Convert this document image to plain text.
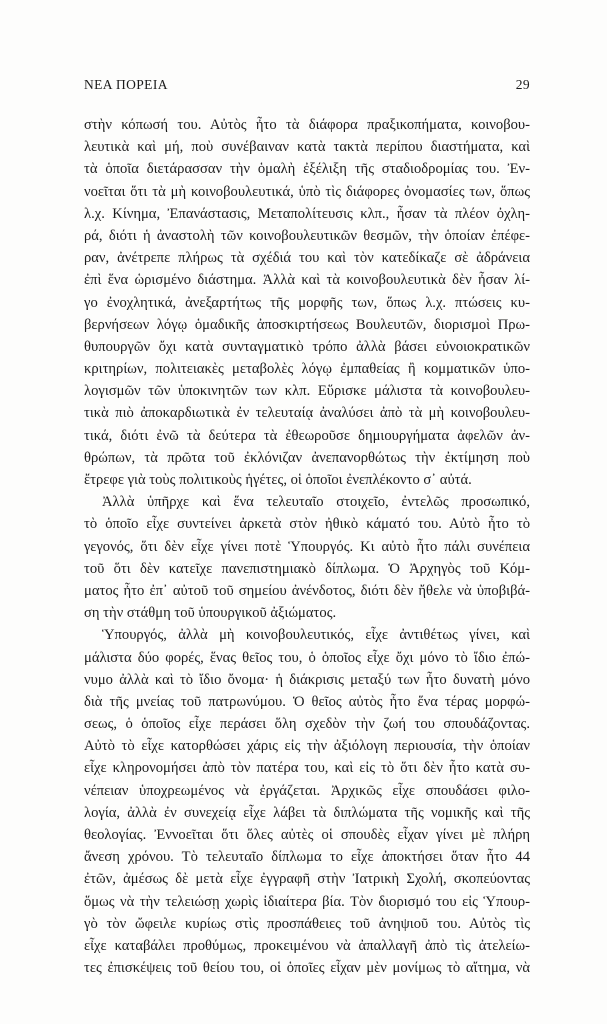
ΝΕΑ ΠΟΡΕΙΑ	29
στὴν κόπωσή του. Αὐτὸς ἦτο τὰ διάφορα πραξικοπήματα, κοινοβου-
λευτικὰ καὶ μή, ποὺ συνέβαιναν κατὰ τακτὰ περίπου διαστήματα, καὶ
τὰ ὁποῖα διετάρασσαν τὴν ὁμαλὴ ἐξέλιξη τῆς σταδιοδρομίας του. Ἐν-
νοεῖται ὅτι τὰ μὴ κοινοβουλευτικά, ὑπὸ τὶς διάφορες ὀνομασίες των, ὅπως
λ.χ. Κίνημα, Ἐπανάστασις, Μεταπολίτευσις κλπ., ἦσαν τὰ πλέον ὀχλη-
ρά, διότι ἡ ἀναστολὴ τῶν κοινοβουλευτικῶν θεσμῶν, τὴν ὁποίαν ἐπέφε-
ραν, ἀνέτρεπε πλήρως τὰ σχέδιά του καὶ τὸν κατεδίκαζε σὲ ἀδράνεια
ἐπὶ ἕνα ὡρισμένο διάστημα. Ἀλλὰ καὶ τὰ κοινοβουλευτικὰ δὲν ἦσαν λί-
γο ἐνοχλητικά, ἀνεξαρτήτως τῆς μορφῆς των, ὅπως λ.χ. πτώσεις κυ-
βερνήσεων λόγῳ ὁμαδικῆς ἀποσκιρτήσεως Βουλευτῶν, διορισμοὶ Πρω-
θυπουργῶν ὄχι κατὰ συνταγματικὸ τρόπο ἀλλὰ βάσει εὐνοιοκρατικῶν
κριτηρίων, πολιτειακὲς μεταβολὲς λόγῳ ἐμπαθείας ἢ κομματικῶν ὑπο-
λογισμῶν τῶν ὑποκινητῶν των κλπ. Εὕρισκε μάλιστα τὰ κοινοβουλευ-
τικὰ πιὸ ἀποκαρδιωτικὰ ἐν τελευταίᾳ ἀναλύσει ἀπὸ τὰ μὴ κοινοβουλευ-
τικά, διότι ἐνῶ τὰ δεύτερα τὰ ἐθεωροῦσε δημιουργήματα ἀφελῶν ἀν-
θρώπων, τὰ πρῶτα τοῦ ἐκλόνιζαν ἀνεπανορθώτως τὴν ἐκτίμηση ποὺ
ἔτρεφε γιὰ τοὺς πολιτικοὺς ἡγέτες, οἱ ὁποῖοι ἐνεπλέκοντο σ᾿ αὐτά.
Ἀλλὰ ὑπῆρχε καὶ ἕνα τελευταῖο στοιχεῖο, ἐντελῶς προσωπικό,
τὸ ὁποῖο εἶχε συντείνει ἀρκετὰ στὸν ἠθικὸ κάματό του. Αὐτὸ ἦτο τὸ
γεγονός, ὅτι δὲν εἶχε γίνει ποτὲ Ὑπουργός. Κι αὐτὸ ἦτο πάλι συνέπεια
τοῦ ὅτι δὲν κατεῖχε πανεπιστημιακὸ δίπλωμα. Ὁ Ἀρχηγὸς τοῦ Κόμ-
ματος ἦτο ἐπ᾿ αὐτοῦ τοῦ σημείου ἀνένδοτος, διότι δὲν ἤθελε νὰ ὑποβιβά-
ση τὴν στάθμη τοῦ ὑπουργικοῦ ἀξιώματος.
Ὑπουργός, ἀλλὰ μὴ κοινοβουλευτικός, εἶχε ἀντιθέτως γίνει, καὶ
μάλιστα δύο φορές, ἕνας θεῖος του, ὁ ὁποῖος εἶχε ὄχι μόνο τὸ ἴδιο ἐπώ-
νυμο ἀλλὰ καὶ τὸ ἴδιο ὄνομα· ἡ διάκρισις μεταξύ των ἦτο δυνατὴ μόνο
διὰ τῆς μνείας τοῦ πατρωνύμου. Ὁ θεῖος αὐτὸς ἦτο ἕνα τέρας μορφώ-
σεως, ὁ ὁποῖος εἶχε περάσει ὅλη σχεδὸν τὴν ζωή του σπουδάζοντας.
Αὐτὸ τὸ εἶχε κατορθώσει χάρις εἰς τὴν ἀξιόλογη περιουσία, τὴν ὁποίαν
εἶχε κληρονομήσει ἀπὸ τὸν πατέρα του, καὶ εἰς τὸ ὅτι δὲν ἦτο κατὰ συ-
νέπειαν ὑποχρεωμένος νὰ ἐργάζεται. Ἀρχικῶς εἶχε σπουδάσει φιλο-
λογία, ἀλλὰ ἐν συνεχείᾳ εἶχε λάβει τὰ διπλώματα τῆς νομικῆς καὶ τῆς
θεολογίας. Ἐννοεῖται ὅτι ὅλες αὐτὲς οἱ σπουδὲς εἶχαν γίνει μὲ πλήρη
ἄνεση χρόνου. Τὸ τελευταῖο δίπλωμα το εἶχε ἀποκτήσει ὅταν ἦτο 44
ἐτῶν, ἀμέσως δὲ μετὰ εἶχε ἐγγραφῆ στὴν Ἰατρικὴ Σχολή, σκοπεύοντας
ὅμως νὰ τὴν τελειώσῃ χωρὶς ἰδιαίτερα βία. Τὸν διορισμό του εἰς Ὑπουρ-
γὸ τὸν ὤφειλε κυρίως στὶς προσπάθειες τοῦ ἀνηψιοῦ του. Αὐτὸς τὶς
εἶχε καταβάλει προθύμως, προκειμένου νὰ ἀπαλλαγῆ ἀπὸ τὶς ἀτελείω-
τες ἐπισκέψεις τοῦ θείου του, οἱ ὁποῖες εἶχαν μὲν μονίμως τὸ αἴτημα, νὰ
